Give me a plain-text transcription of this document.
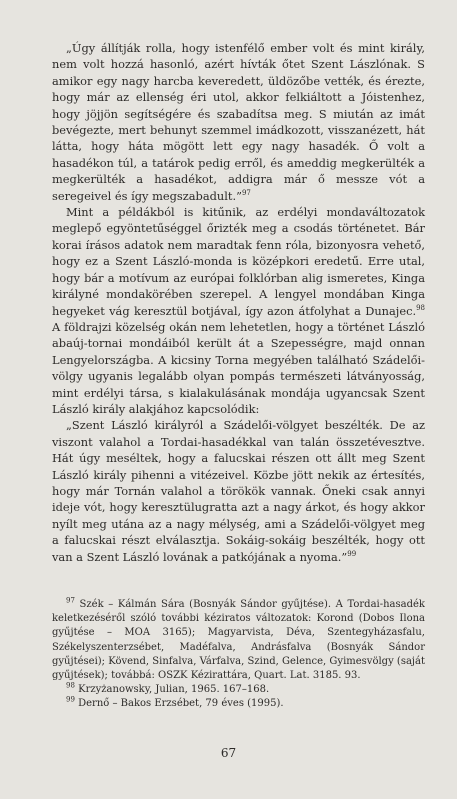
„Úgy állítják rolla, hogy istenfélő ember volt és mint király, nem volt hozzá hasonló, azért hívták őtet Szent Lászlónak. S amikor egy nagy harcba keveredett, üldözőbe vették, és érezte, hogy már az ellenség éri utol, akkor felkiáltott a Jóistenhez, hogy jöjjön segítségére és szabadítsa meg. S miután az imát bevégezte, mert behunyt szemmel imádkozott, visszanézett, hát látta, hogy háta mögött lett egy nagy hasadék. Ő volt a hasadékon túl, a tatárok pedig erről, és ameddig megkerülték a megkerülték a hasadékot, addigra már ő messze vót a seregeivel és így megszabadult.”$^{97}$

Mint a példákból is kitűnik, az erdélyi mondaváltozatok meglepő egyöntetűséggel őrizték meg a csodás történetet. Bár korai írásos adatok nem maradtak fenn róla, bizonyosra vehető, hogy ez a Szent László-monda is középkori eredetű. Erre utal, hogy bár a motívum az európai folklórban alig ismeretes, Kinga királyné mondakörében szerepel. A lengyel mondában Kinga hegyeket vág keresztül botjával, így azon átfolyhat a Dunajec.$^{98}$ A földrajzi közelség okán nem lehetetlen, hogy a történet László abaúj-tornai mondáiból került át a Szepességre, majd onnan Lengyelországba. A kicsiny Torna megyében található Szádelői-völgy ugyanis legalább olyan pompás természeti látványosság, mint erdélyi társa, s kialakulásának mondája ugyancsak Szent László király alakjához kapcsolódik:

„Szent László királyról a Szádelői-völgyet beszélték. De az viszont valahol a Tordai-hasadékkal van talán összetévesztve. Hát úgy meséltek, hogy a falucskai részen ott állt meg Szent László király pihenni a vitézeivel. Közbe jött nekik az értesítés, hogy már Tornán valahol a törökök vannak. Őneki csak annyi ideje vót, hogy keresztülugratta azt a nagy árkot, és hogy akkor nyílt meg utána az a nagy mélység, ami a Szádelői-völgyet meg a falucskai részt elválasztja. Sokáig-sokáig beszélték, hogy ott van a Szent László lovának a patkójának a nyoma.”$^{99}$

$^{97}$ Szék – Kálmán Sára (Bosnyák Sándor gyűjtése). A Tordai-hasadék keletkezéséről szóló további kéziratos változatok: Korond (Dobos Ilona gyűjtése – MOA 3165); Magyarvista, Déva, Szentegyházasfalu, Székelyszenterzsébet, Madéfalva, Andrásfalva (Bosnyák Sándor gyűjtései); Kövend, Sinfalva, Várfalva, Szind, Gelence, Gyimesvölgy (saját gyűjtések); továbbá: OSZK Kézirattára, Quart. Lat. 3185. 93.

$^{98}$ Krzyżanowsky, Julian, 1965. 167–168.

$^{99}$ Dernő – Bakos Erzsébet, 79 éves (1995).

67
